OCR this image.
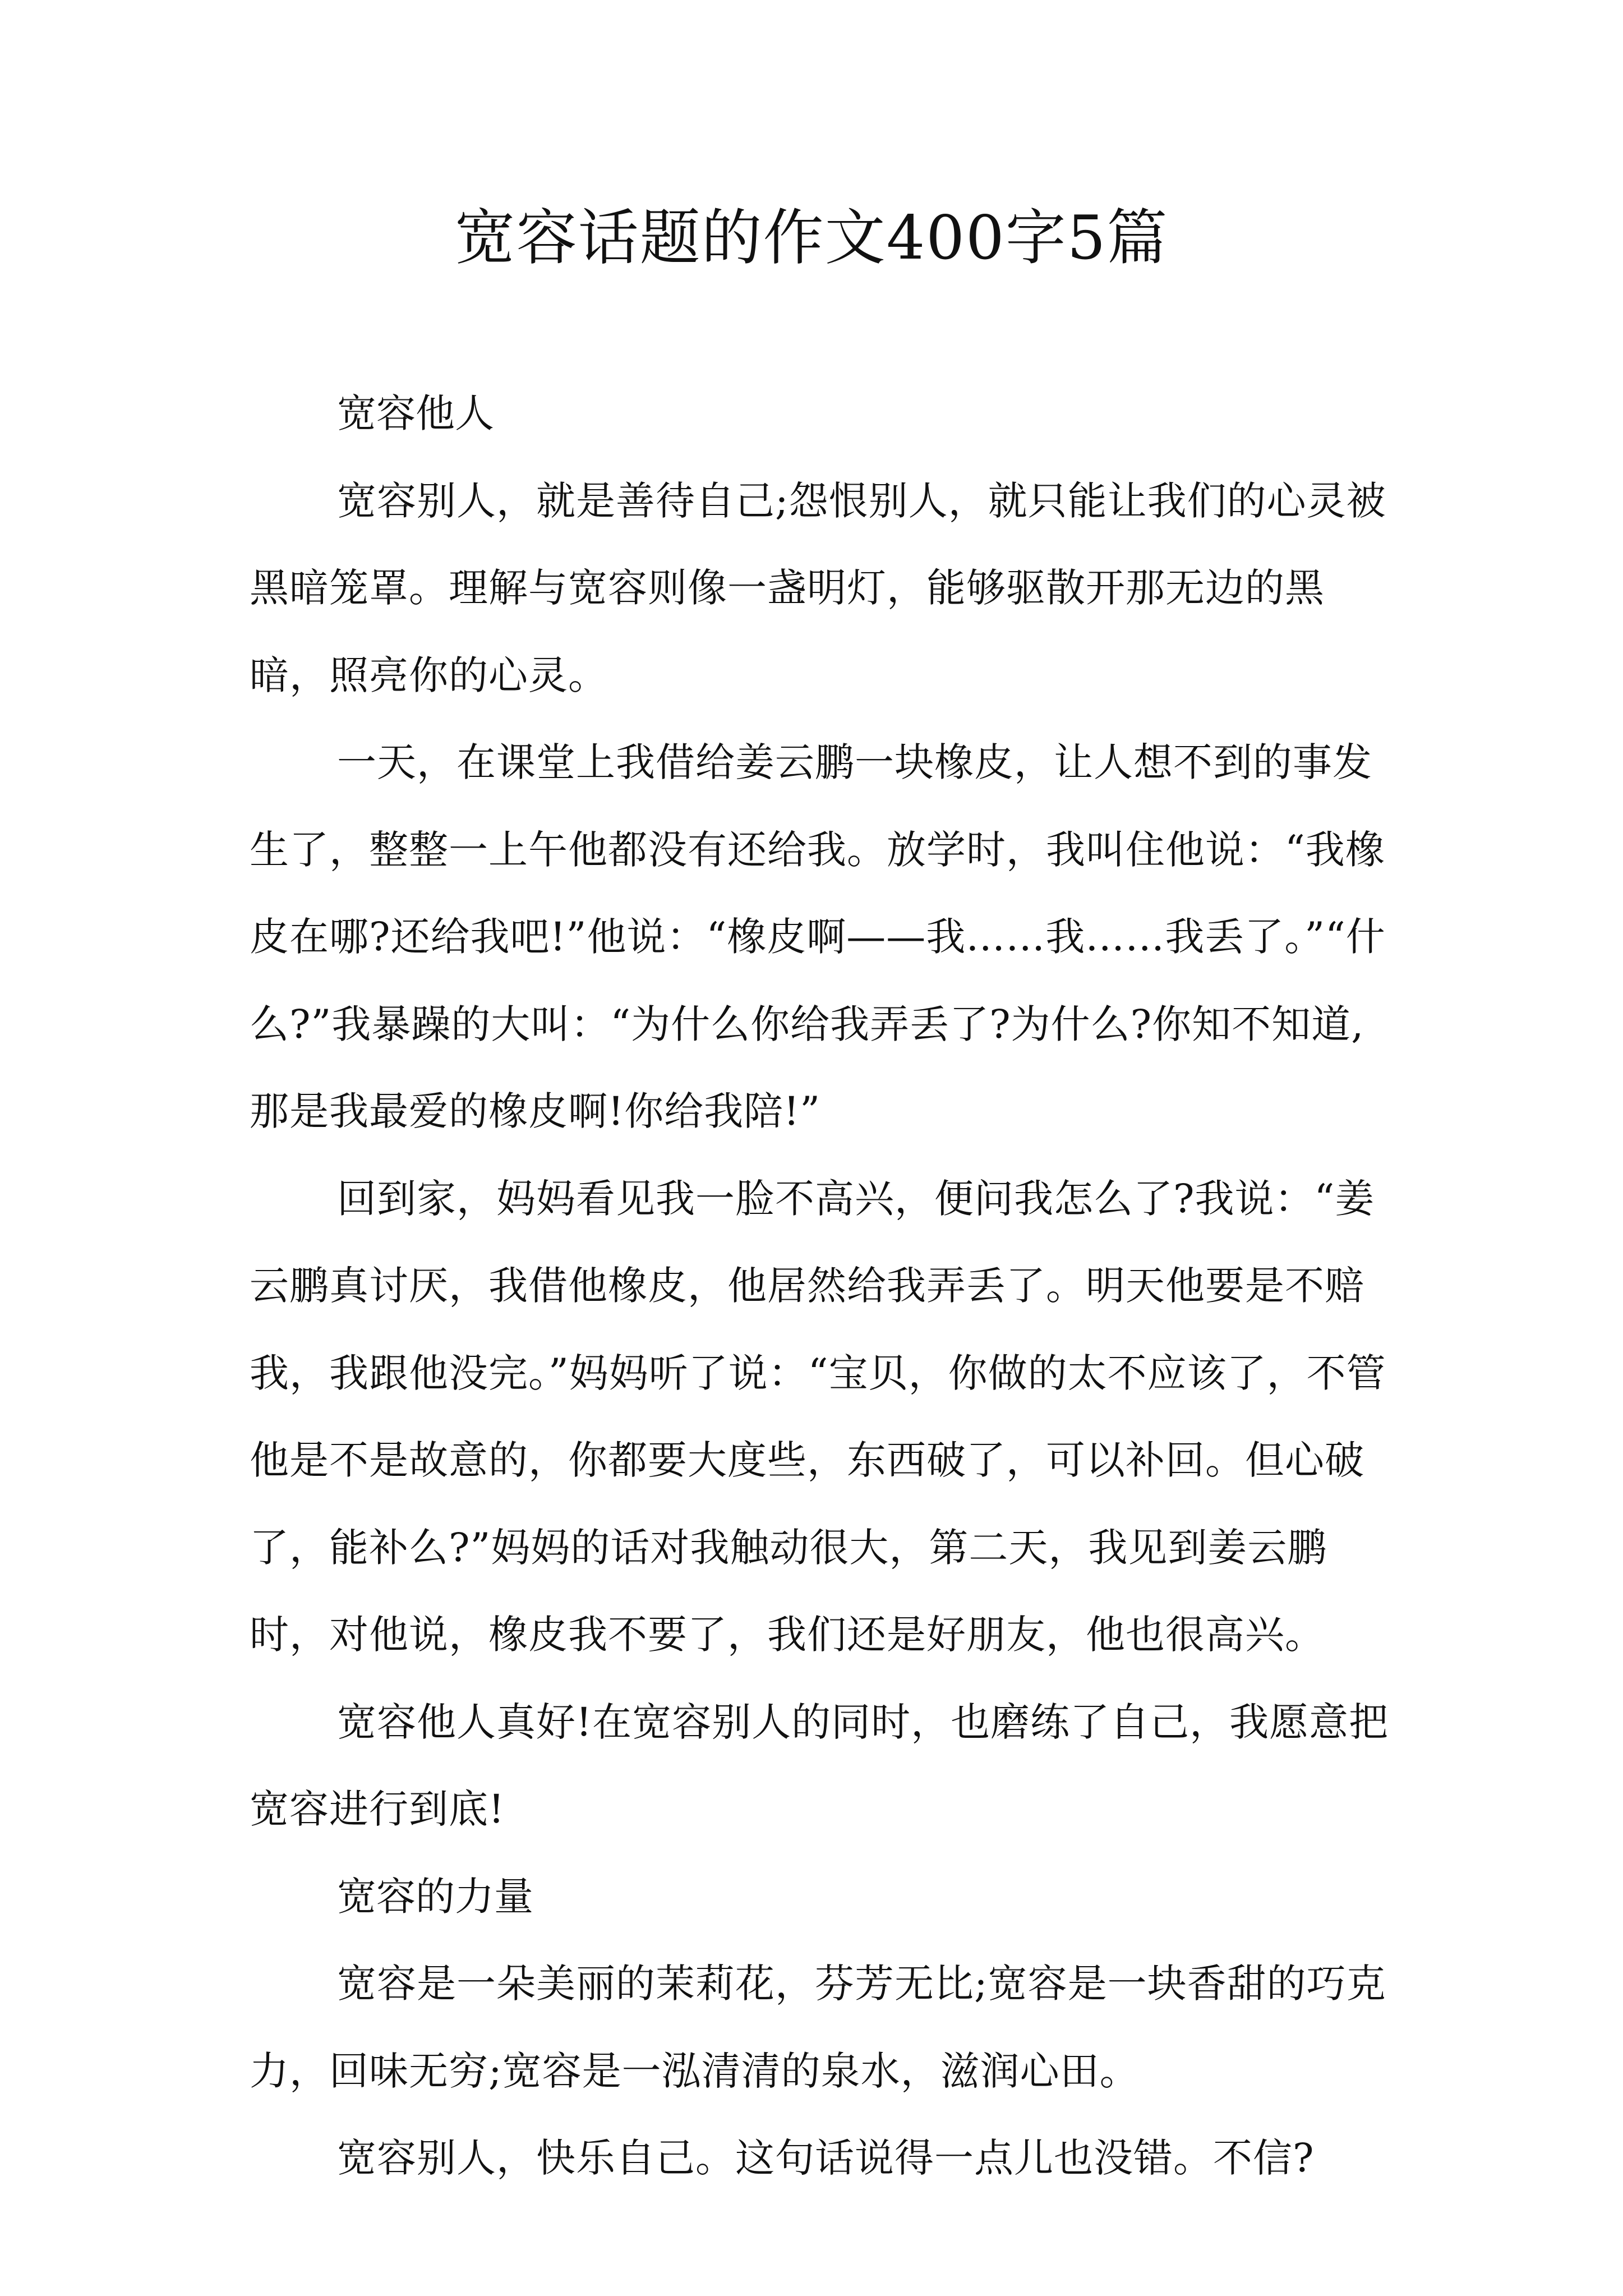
宽容话题的作文400字5篇

宽容他人

宽容别人，就是善待自己;怨恨别人，就只能让我们的心灵被黑暗笼罩。理解与宽容则像一盏明灯，能够驱散开那无边的黑暗，照亮你的心灵。

一天，在课堂上我借给姜云鹏一块橡皮，让人想不到的事发生了，整整一上午他都没有还给我。放学时，我叫住他说：“我橡皮在哪?还给我吧!”他说：“橡皮啊——我……我……我丢了。”“什么?”我暴躁的大叫：“为什么你给我弄丢了?为什么?你知不知道,那是我最爱的橡皮啊!你给我陪!”

回到家，妈妈看见我一脸不高兴，便问我怎么了?我说：“姜云鹏真讨厌，我借他橡皮，他居然给我弄丢了。明天他要是不赔我，我跟他没完。”妈妈听了说：“宝贝，你做的太不应该了，不管他是不是故意的，你都要大度些，东西破了，可以补回。但心破了，能补么?”妈妈的话对我触动很大，第二天，我见到姜云鹏时，对他说，橡皮我不要了，我们还是好朋友，他也很高兴。

宽容他人真好!在宽容别人的同时，也磨练了自己，我愿意把宽容进行到底!

宽容的力量

宽容是一朵美丽的茉莉花，芬芳无比;宽容是一块香甜的巧克力，回味无穷;宽容是一泓清清的泉水，滋润心田。

宽容别人，快乐自己。这句话说得一点儿也没错。不信?
